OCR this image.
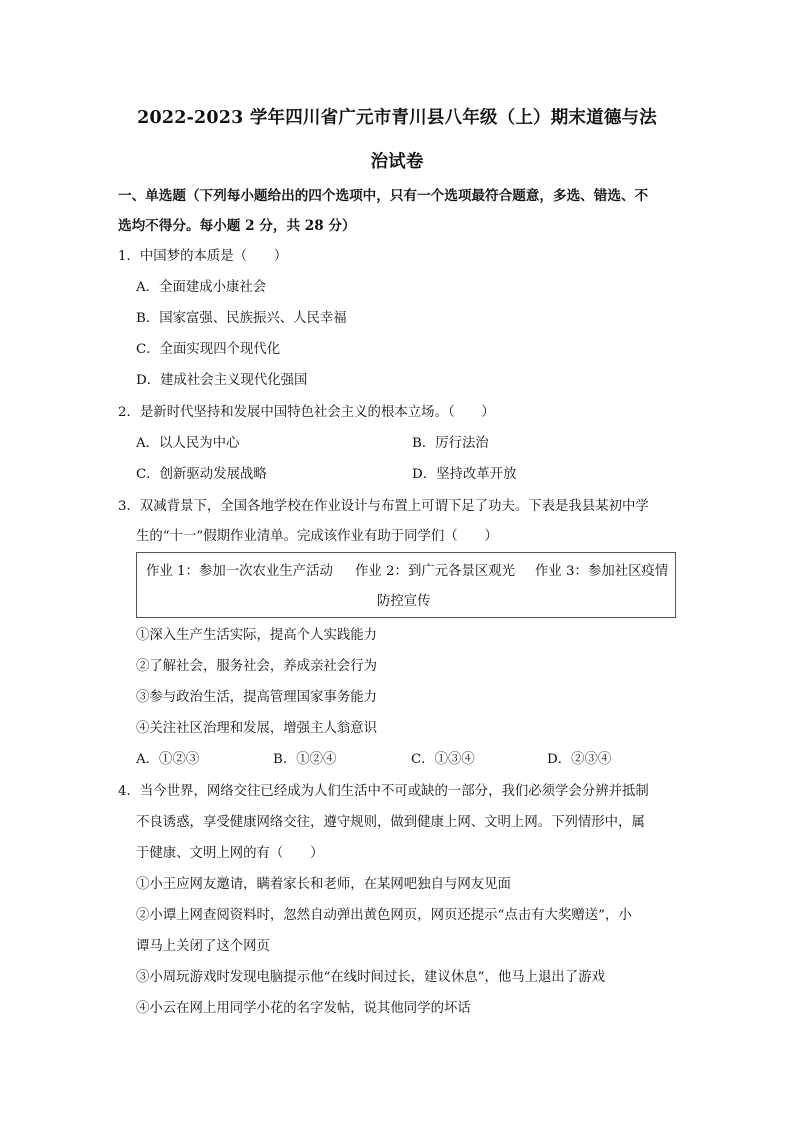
2022-2023 学年四川省广元市青川县八年级（上）期末道德与法
治试卷
一、单选题（下列每小题给出的四个选项中，只有一个选项最符合题意，多选、错选、不
选均不得分。每小题 2 分，共 28 分）
1．中国梦的本质是（　　）
A．全面建成小康社会
B．国家富强、民族振兴、人民幸福
C．全面实现四个现代化
D．建成社会主义现代化强国
2．是新时代坚持和发展中国特色社会主义的根本立场。（　　）
A．以人民为中心	B．厉行法治
C．创新驱动发展战略	D．坚持改革开放
3．双减背景下，全国各地学校在作业设计与布置上可谓下足了功夫。下表是我县某初中学
生的“十一”假期作业清单。完成该作业有助于同学们（　　）
作业 1：参加一次农业生产活动 作业 2：到广元各景区观光 作业 3：参加社区疫情
防控宣传
①深入生产生活实际，提高个人实践能力
②了解社会，服务社会，养成亲社会行为
③参与政治生活，提高管理国家事务能力
④关注社区治理和发展，增强主人翁意识
A．①②③	B．①②④	C．①③④	D．②③④
4．当今世界，网络交往已经成为人们生活中不可或缺的一部分，我们必须学会分辨并抵制
不良诱惑，享受健康网络交往，遵守规则，做到健康上网、文明上网。下列情形中，属
于健康、文明上网的有（　　）
①小王应网友邀请，瞒着家长和老师，在某网吧独自与网友见面
②小谭上网查阅资料时，忽然自动弹出黄色网页，网页还提示“点击有大奖赠送”，小
谭马上关闭了这个网页
③小周玩游戏时发现电脑提示他“在线时间过长，建议休息”，他马上退出了游戏
④小云在网上用同学小花的名字发帖，说其他同学的坏话
